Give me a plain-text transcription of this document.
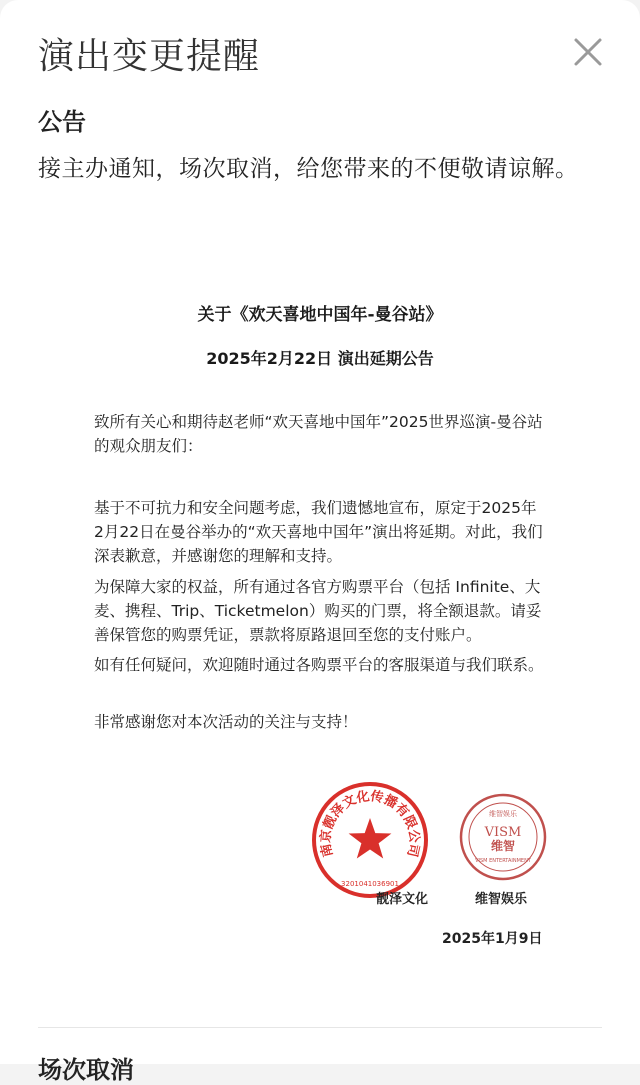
演出变更提醒
公告
接主办通知，场次取消，给您带来的不便敬请谅解。
关于《欢天喜地中国年-曼谷站》
2025年2月22日 演出延期公告
致所有关心和期待赵老师“欢天喜地中国年”2025世界巡演-曼谷站的观众朋友们：
基于不可抗力和安全问题考虑，我们遗憾地宣布，原定于2025年2月22日在曼谷举办的“欢天喜地中国年”演出将延期。对此，我们深表歉意，并感谢您的理解和支持。
为保障大家的权益，所有通过各官方购票平台（包括 Infinite、大麦、携程、Trip、Ticketmelon）购买的门票，将全额退款。请妥善保管您的购票凭证，票款将原路退回至您的支付账户。
如有任何疑问，欢迎随时通过各购票平台的客服渠道与我们联系。
非常感谢您对本次活动的关注与支持！
南京靓泽文化传播有限公司
3201041036901
维智娱乐
VISM
维智
VISM ENTERTAINMENT
靓泽文化	维智娱乐
2025年1月9日
场次取消
